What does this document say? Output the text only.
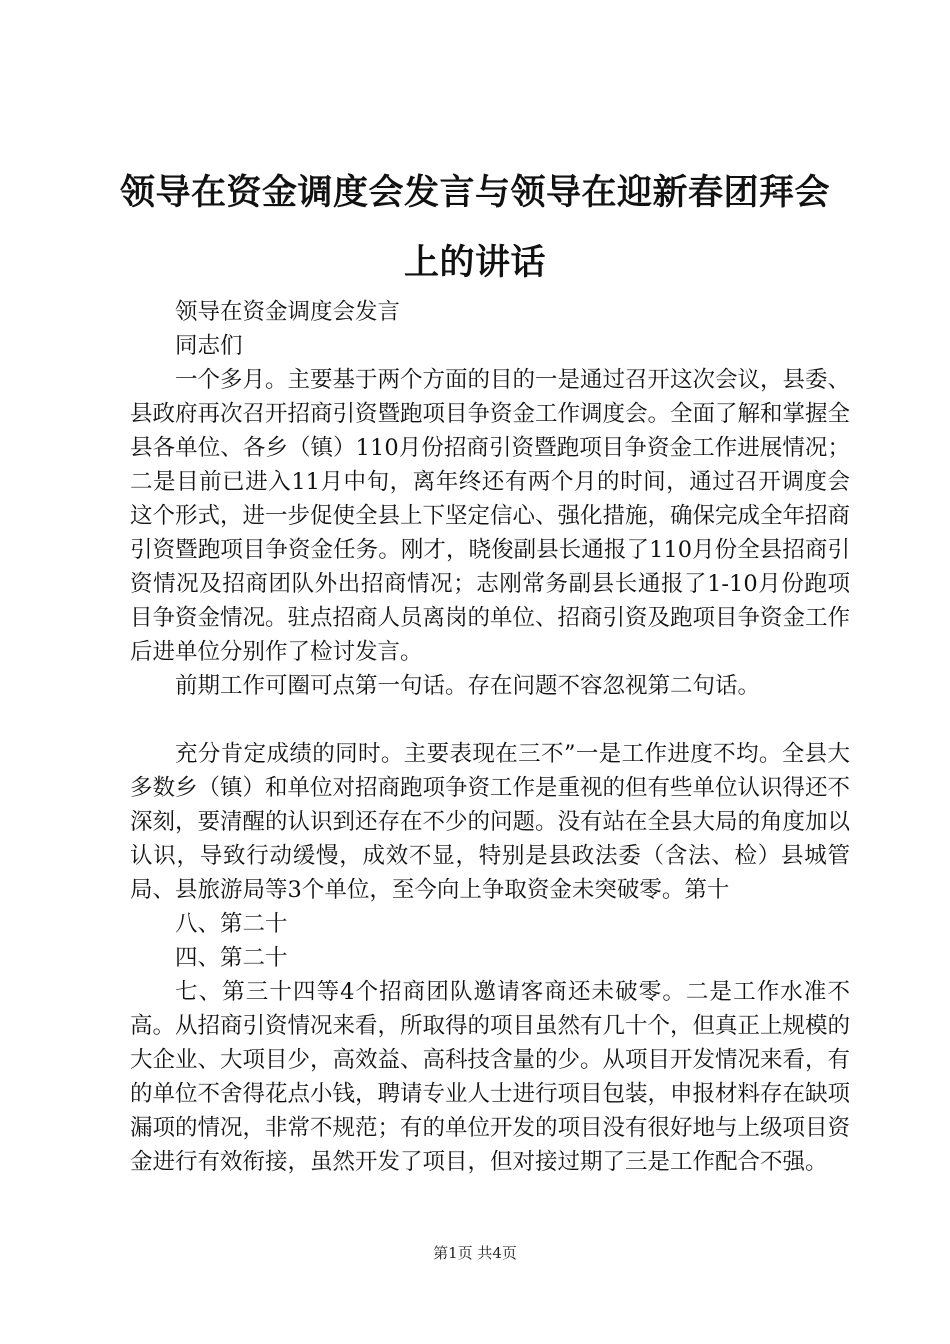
领导在资金调度会发言与领导在迎新春团拜会上的讲话

领导在资金调度会发言

同志们

一个多月。主要基于两个方面的目的一是通过召开这次会议，县委、县政府再次召开招商引资暨跑项目争资金工作调度会。全面了解和掌握全县各单位、各乡（镇）110月份招商引资暨跑项目争资金工作进展情况；二是目前已进入11月中旬，离年终还有两个月的时间，通过召开调度会这个形式，进一步促使全县上下坚定信心、强化措施，确保完成全年招商引资暨跑项目争资金任务。刚才，晓俊副县长通报了110月份全县招商引资情况及招商团队外出招商情况；志刚常务副县长通报了1-10月份跑项目争资金情况。驻点招商人员离岗的单位、招商引资及跑项目争资金工作后进单位分别作了检讨发言。

前期工作可圈可点第一句话。存在问题不容忽视第二句话。

充分肯定成绩的同时。主要表现在三不”一是工作进度不均。全县大多数乡（镇）和单位对招商跑项争资工作是重视的但有些单位认识得还不深刻，要清醒的认识到还存在不少的问题。没有站在全县大局的角度加以认识，导致行动缓慢，成效不显，特别是县政法委（含法、检）县城管局、县旅游局等3个单位，至今向上争取资金未突破零。第十

八、第二十

四、第二十

七、第三十四等4个招商团队邀请客商还未破零。二是工作水准不高。从招商引资情况来看，所取得的项目虽然有几十个，但真正上规模的大企业、大项目少，高效益、高科技含量的少。从项目开发情况来看，有的单位不舍得花点小钱，聘请专业人士进行项目包装，申报材料存在缺项漏项的情况，非常不规范；有的单位开发的项目没有很好地与上级项目资金进行有效衔接，虽然开发了项目，但对接过期了三是工作配合不强。

第1页 共4页
